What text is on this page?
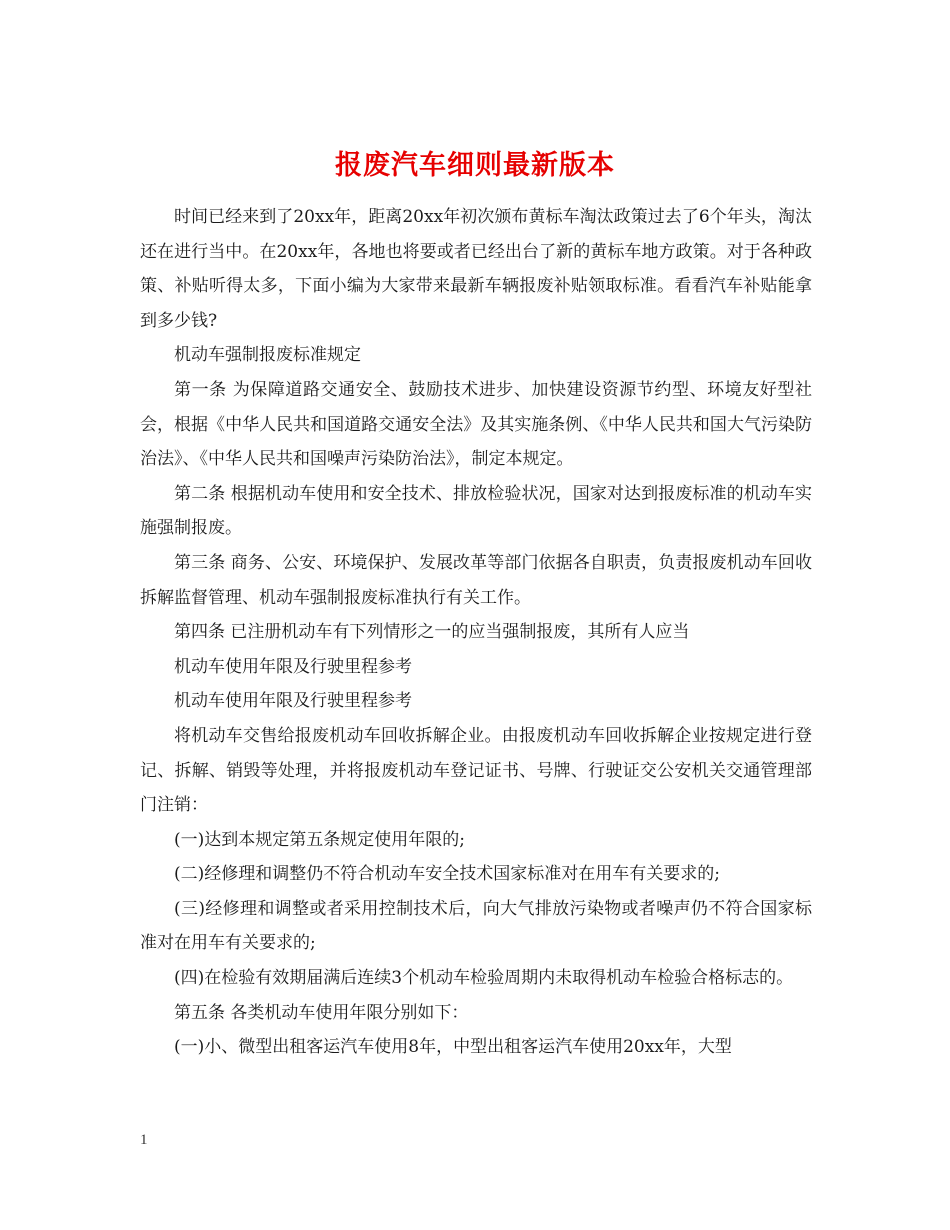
报废汽车细则最新版本

时间已经来到了20xx年，距离20xx年初次颁布黄标车淘汰政策过去了6个年头，淘汰还在进行当中。在20xx年，各地也将要或者已经出台了新的黄标车地方政策。对于各种政策、补贴听得太多，下面小编为大家带来最新车辆报废补贴领取标准。看看汽车补贴能拿到多少钱?

机动车强制报废标准规定

第一条 为保障道路交通安全、鼓励技术进步、加快建设资源节约型、环境友好型社会，根据《中华人民共和国道路交通安全法》及其实施条例、《中华人民共和国大气污染防治法》、《中华人民共和国噪声污染防治法》，制定本规定。

第二条 根据机动车使用和安全技术、排放检验状况，国家对达到报废标准的机动车实施强制报废。

第三条 商务、公安、环境保护、发展改革等部门依据各自职责，负责报废机动车回收拆解监督管理、机动车强制报废标准执行有关工作。

第四条 已注册机动车有下列情形之一的应当强制报废，其所有人应当

机动车使用年限及行驶里程参考

机动车使用年限及行驶里程参考

将机动车交售给报废机动车回收拆解企业。由报废机动车回收拆解企业按规定进行登记、拆解、销毁等处理，并将报废机动车登记证书、号牌、行驶证交公安机关交通管理部门注销：

(一)达到本规定第五条规定使用年限的;

(二)经修理和调整仍不符合机动车安全技术国家标准对在用车有关要求的;

(三)经修理和调整或者采用控制技术后，向大气排放污染物或者噪声仍不符合国家标准对在用车有关要求的;

(四)在检验有效期届满后连续3个机动车检验周期内未取得机动车检验合格标志的。

第五条 各类机动车使用年限分别如下：

(一)小、微型出租客运汽车使用8年，中型出租客运汽车使用20xx年，大型

1
